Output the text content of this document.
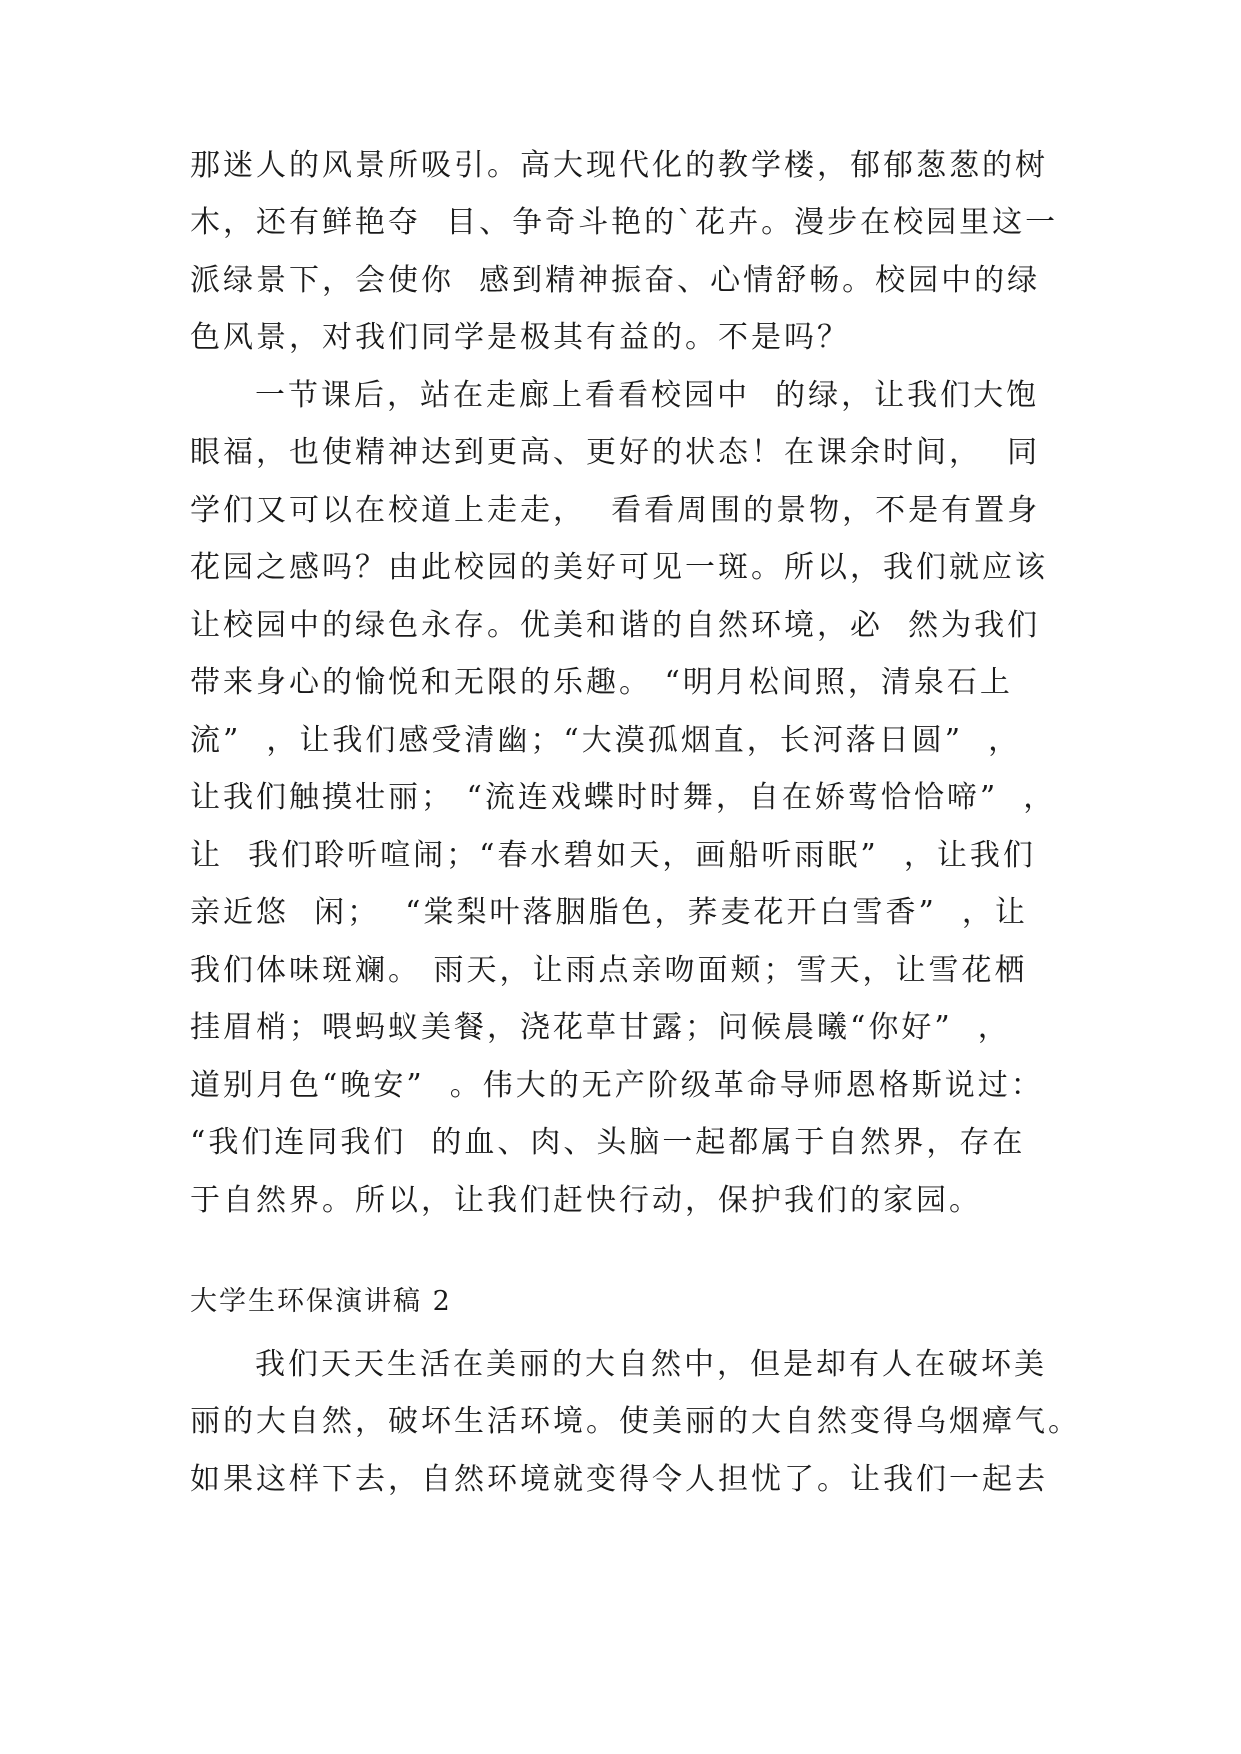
那迷人的风景所吸引。高大现代化的教学楼，郁郁葱葱的树
木，还有鲜艳夺  目、争奇斗艳的`花卉。漫步在校园里这一
派绿景下，会使你  感到精神振奋、心情舒畅。校园中的绿
色风景，对我们同学是极其有益的。不是吗？
一节课后，站在走廊上看看校园中  的绿，让我们大饱
眼福，也使精神达到更高、更好的状态！在课余时间，  同
学们又可以在校道上走走，  看看周围的景物，不是有置身
花园之感吗？由此校园的美好可见一斑。所以，我们就应该
让校园中的绿色永存。优美和谐的自然环境，必  然为我们
带来身心的愉悦和无限的乐趣。 “明月松间照，清泉石上
流”  ，让我们感受清幽；“大漠孤烟直，长河落日圆”  ，
让我们触摸壮丽； “流连戏蝶时时舞，自在娇莺恰恰啼”  ，
让  我们聆听喧闹；“春水碧如天，画船听雨眠”  ，让我们
亲近悠  闲；  “棠梨叶落胭脂色，荞麦花开白雪香”  ，让
我们体味斑斓。 雨天，让雨点亲吻面颊；雪天，让雪花栖
挂眉梢；喂蚂蚁美餐，浇花草甘露；问候晨曦“你好”  ，
道别月色“晚安”  。伟大的无产阶级革命导师恩格斯说过：
“我们连同我们  的血、肉、头脑一起都属于自然界，存在
于自然界。所以，让我们赶快行动，保护我们的家园。
大学生环保演讲稿 2
我们天天生活在美丽的大自然中，但是却有人在破坏美
丽的大自然，破坏生活环境。使美丽的大自然变得乌烟瘴气。
如果这样下去，自然环境就变得令人担忧了。让我们一起去
